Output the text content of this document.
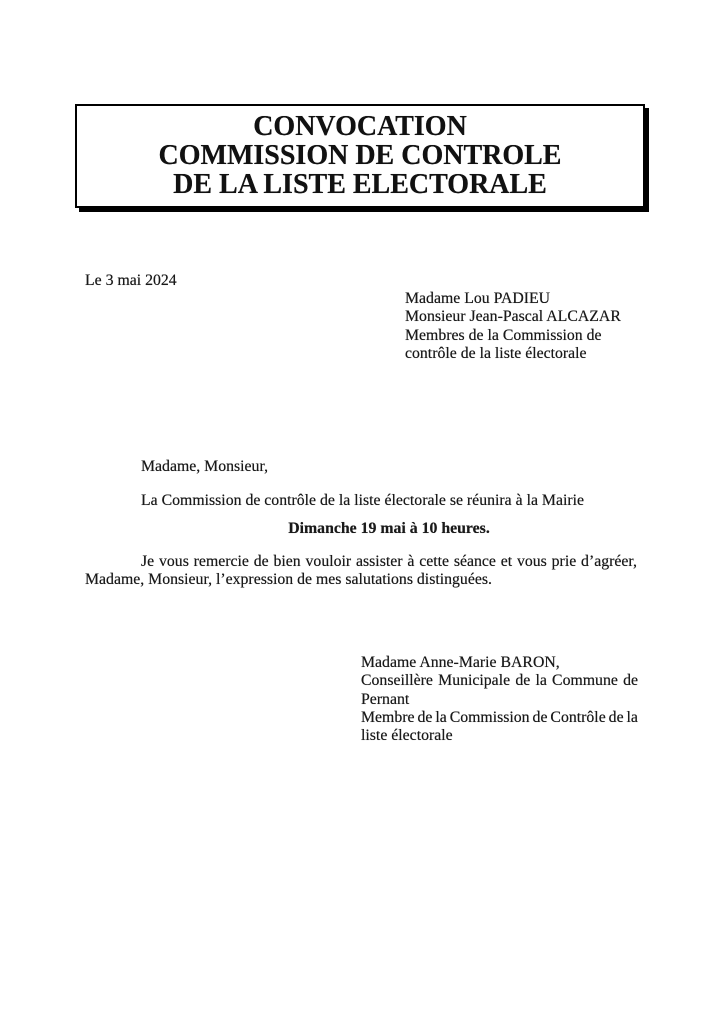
CONVOCATION
COMMISSION DE CONTROLE
DE LA LISTE ELECTORALE
Le 3 mai 2024
Madame Lou PADIEU
Monsieur Jean-Pascal ALCAZAR
Membres de la Commission de
contrôle de la liste électorale
Madame, Monsieur,
La Commission de contrôle de la liste électorale se réunira à la Mairie
Dimanche 19 mai à 10 heures.
Je vous remercie de bien vouloir assister à cette séance et vous prie d’agréer,
Madame, Monsieur, l’expression de mes salutations distinguées.
Madame Anne-Marie BARON,
Conseillère Municipale de la Commune de
Pernant
Membre de la Commission de Contrôle de la
liste électorale
